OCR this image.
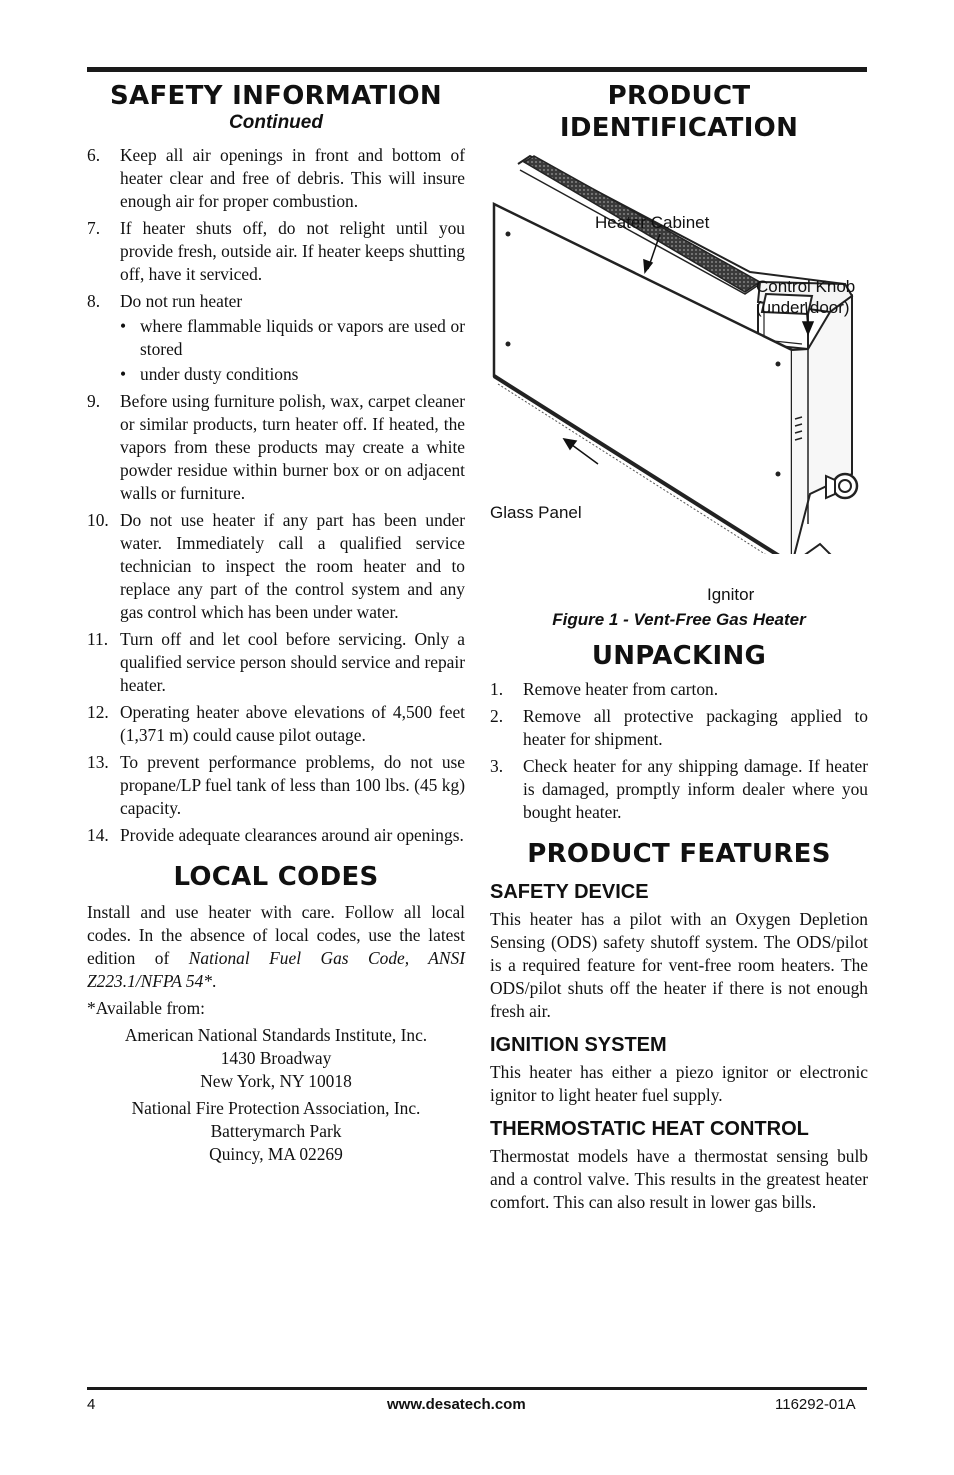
SAFETY INFORMATION
Continued
6. Keep all air openings in front and bottom of heater clear and free of debris. This will insure enough air for proper combustion.
7. If heater shuts off, do not relight until you provide fresh, outside air. If heater keeps shutting off, have it serviced.
8. Do not run heater
• where flammable liquids or vapors are used or stored
• under dusty conditions
9. Before using furniture polish, wax, carpet cleaner or similar products, turn heater off. If heated, the vapors from these products may create a white powder residue within burner box or on adjacent walls or furniture.
10. Do not use heater if any part has been under water. Immediately call a qualified service technician to inspect the room heater and to replace any part of the control system and any gas control which has been under water.
11. Turn off and let cool before servicing. Only a qualified service person should service and repair heater.
12. Operating heater above elevations of 4,500 feet (1,371 m) could cause pilot outage.
13. To prevent performance problems, do not use propane/LP fuel tank of less than 100 lbs. (45 kg) capacity.
14. Provide adequate clearances around air openings.
LOCAL CODES

Install and use heater with care. Follow all local codes. In the absence of local codes, use the latest edition of National Fuel Gas Code, ANSI Z223.1/NFPA 54*.

*Available from:

American National Standards Institute, Inc.
1430 Broadway
New York, NY 10018
National Fire Protection Association, Inc.
Batterymarch Park
Quincy, MA 02269
PRODUCT
IDENTIFICATION
Heater Cabinet
Control Knob
(under door)
Glass Panel
Ignitor
Figure 1 - Vent-Free Gas Heater
UNPACKING
1. Remove heater from carton.
2. Remove all protective packaging applied to heater for shipment.
3. Check heater for any shipping damage. If heater is damaged, promptly inform dealer where you bought heater.
PRODUCT FEATURES
SAFETY DEVICE

This heater has a pilot with an Oxygen Depletion Sensing (ODS) safety shutoff system. The ODS/pilot is a required feature for vent-free room heaters. The ODS/pilot shuts off the heater if there is not enough fresh air.

IGNITION SYSTEM

This heater has either a piezo ignitor or electronic ignitor to light heater fuel supply.

THERMOSTATIC HEAT CONTROL

Thermostat models have a thermostat sensing bulb and a control valve. This results in the greatest heater comfort. This can also result in lower gas bills.

4	www.desatech.com	116292-01A
